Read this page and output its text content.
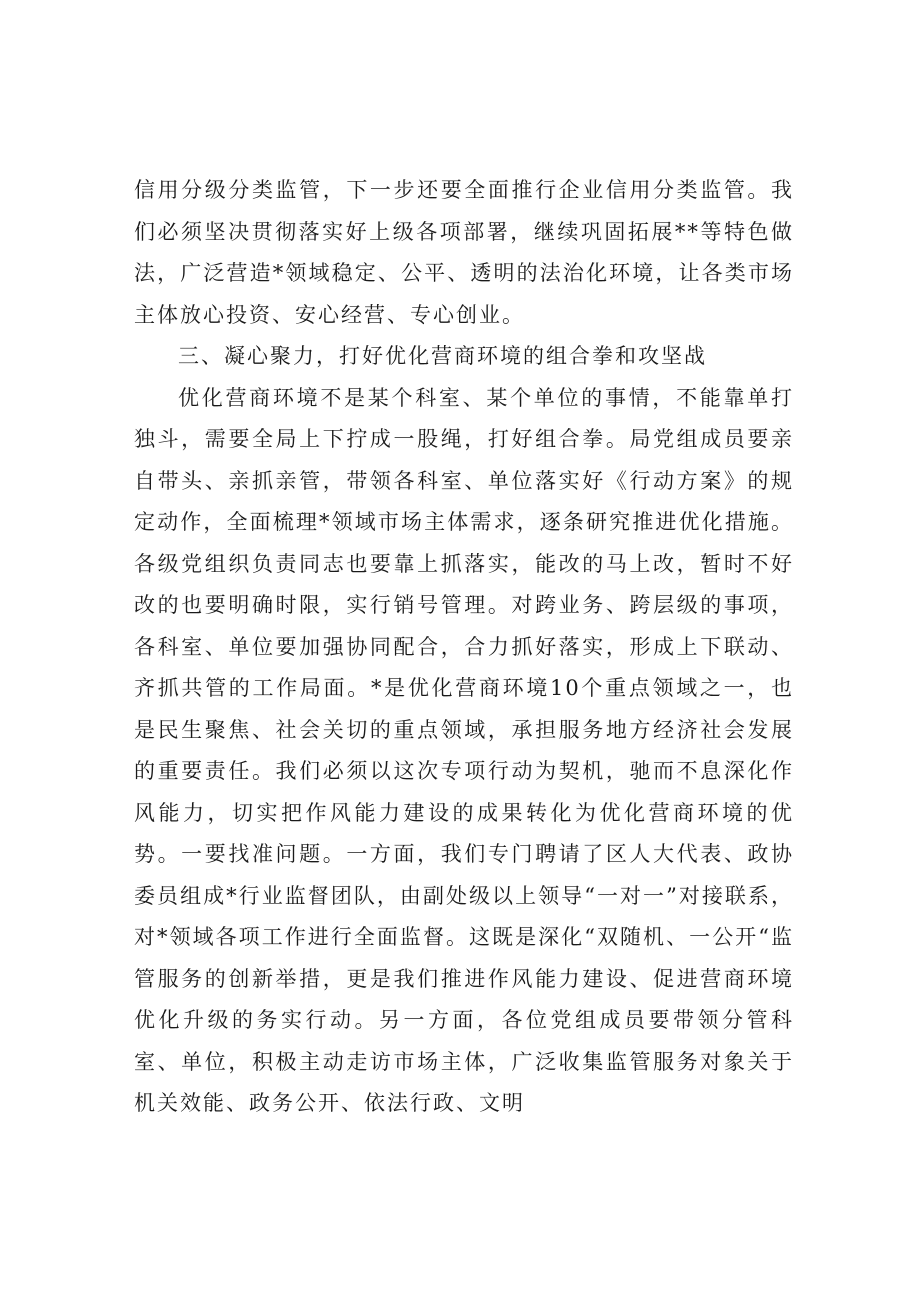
信用分级分类监管，下一步还要全面推行企业信用分类监管。我们必须坚决贯彻落实好上级各项部署，继续巩固拓展**等特色做法，广泛营造*领域稳定、公平、透明的法治化环境，让各类市场主体放心投资、安心经营、专心创业。

三、凝心聚力，打好优化营商环境的组合拳和攻坚战

优化营商环境不是某个科室、某个单位的事情，不能靠单打独斗，需要全局上下拧成一股绳，打好组合拳。局党组成员要亲自带头、亲抓亲管，带领各科室、单位落实好《行动方案》的规定动作，全面梳理*领域市场主体需求，逐条研究推进优化措施。各级党组织负责同志也要靠上抓落实，能改的马上改，暂时不好改的也要明确时限，实行销号管理。对跨业务、跨层级的事项，各科室、单位要加强协同配合，合力抓好落实，形成上下联动、齐抓共管的工作局面。*是优化营商环境10个重点领域之一，也是民生聚焦、社会关切的重点领域，承担服务地方经济社会发展的重要责任。我们必须以这次专项行动为契机，驰而不息深化作风能力，切实把作风能力建设的成果转化为优化营商环境的优势。一要找准问题。一方面，我们专门聘请了区人大代表、政协委员组成*行业监督团队，由副处级以上领导“一对一”对接联系，对*领域各项工作进行全面监督。这既是深化“双随机、一公开“监管服务的创新举措，更是我们推进作风能力建设、促进营商环境优化升级的务实行动。另一方面，各位党组成员要带领分管科室、单位，积极主动走访市场主体，广泛收集监管服务对象关于机关效能、政务公开、依法行政、文明
